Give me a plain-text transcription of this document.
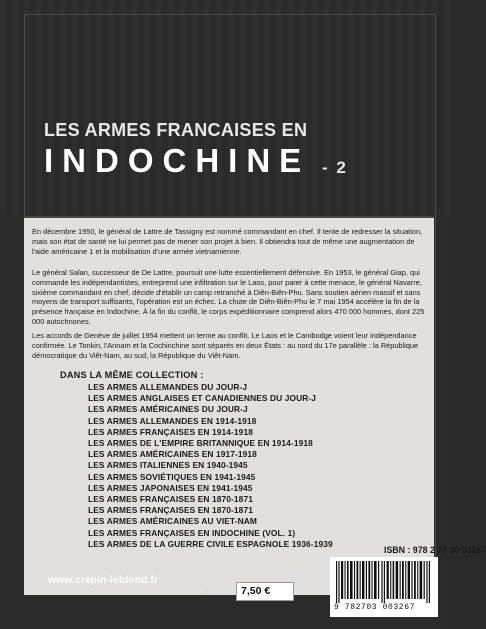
LES ARMES FRANCAISES EN
INDOCHINE - 2

En décembre 1950, le général de Lattre de Tassigny est nommé commandant en chef. Il tente de redresser la situation, mais son état de santé ne lui permet pas de mener son projet à bien. Il obtiendra tout de même une augmentation de l'aide américaine 1 et la mobilisation d'une armée vietnamienne.

Le général Salan, successeur de De Lattre, poursuit une lutte essentiellement défensive. En 1953, le général Giap, qui commande les indépendantistes, entreprend une infiltration sur le Laos, pour parer à cette menace, le général Navarre, sixième commandant en chef, décide d'établir un camp retranché à Diên-Biên-Phu. Sans soutien aérien massif et sans moyens de transport suffisants, l'opération est un échec. La chute de Diên-Biên-Phu le 7 mai 1954 accélère la fin de la présence française en Indochine. À la fin du conflit, le corps expéditionnaire comprend alors 470 000 hommes, dont 225 000 autochnones.

Les accords de Genève de juillet 1954 mettent un terme au conflit. Le Laos et le Cambodge voient leur indépendance confirmée. Le Tonkin, l'Annam et la Cochinchine sont séparés en deux États : au nord du 17e parallèle : la République démocratique du Viêt-Nam, au sud, la République du Viêt-Nam.

DANS LA MÊME COLLECTION :
LES ARMES ALLEMANDES DU JOUR-J
LES ARMES ANGLAISES ET CANADIENNES DU JOUR-J
LES ARMES AMÉRICAINES DU JOUR-J
LES ARMES ALLEMANDES EN 1914-1918
LES ARMES FRANÇAISES EN 1914-1918
LES ARMES DE L'EMPIRE BRITANNIQUE EN 1914-1918
LES ARMES AMÉRICAINES EN 1917-1918
LES ARMES ITALIENNES EN 1940-1945
LES ARMES SOVIÉTIQUES EN 1941-1945
LES ARMES JAPONAISES EN 1941-1945
LES ARMES FRANÇAISES EN 1870-1871
LES ARMES FRANÇAISES EN 1870-1871
LES ARMES AMÉRICAINES AU VIET-NAM
LES ARMES FRANÇAISES EN INDOCHINE (VOL. 1)
LES ARMES DE LA GUERRE CIVILE ESPAGNOLE 1936-1939
ISBN : 978 2 70 30 03267
9 782703 003267
www.crepin-leblond.fr
Prix : 7,50 €
